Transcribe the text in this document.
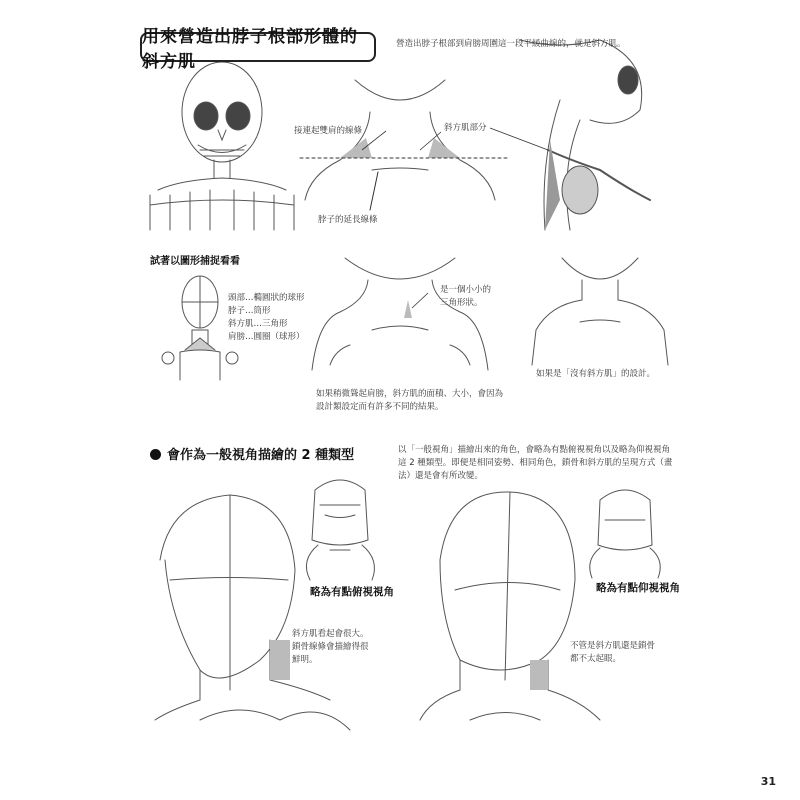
用來營造出脖子根部形體的斜方肌
營造出脖子根部到肩膀周圍這一段平緩曲線的，就是斜方肌。
接連起雙肩的線條	斜方肌部分
脖子的延長線條
試著以圖形捕捉看看
頭部…橢圓狀的球形
脖子…筒形
斜方肌…三角形
肩膀…圓圈（球形）
是一個小小的
三角形狀。
如果稍微聳起肩膀，斜方肌的面積、大小，會因為
設計類設定而有許多不同的結果。
如果是「沒有斜方肌」的設計。
會作為一般視角描繪的 2 種類型	以「一般視角」描繪出來的角色，會略為有點俯視視角以及略為仰視視角
這 2 種類型。即便是相同姿勢、相同角色，鎖骨和斜方肌的呈現方式（畫
法）還是會有所改變。
略為有點俯視視角	略為有點仰視視角
斜方肌看起會很大。
鎖骨線條會描繪得很
鮮明。
不管是斜方肌還是鎖骨
都不太起眼。
31
